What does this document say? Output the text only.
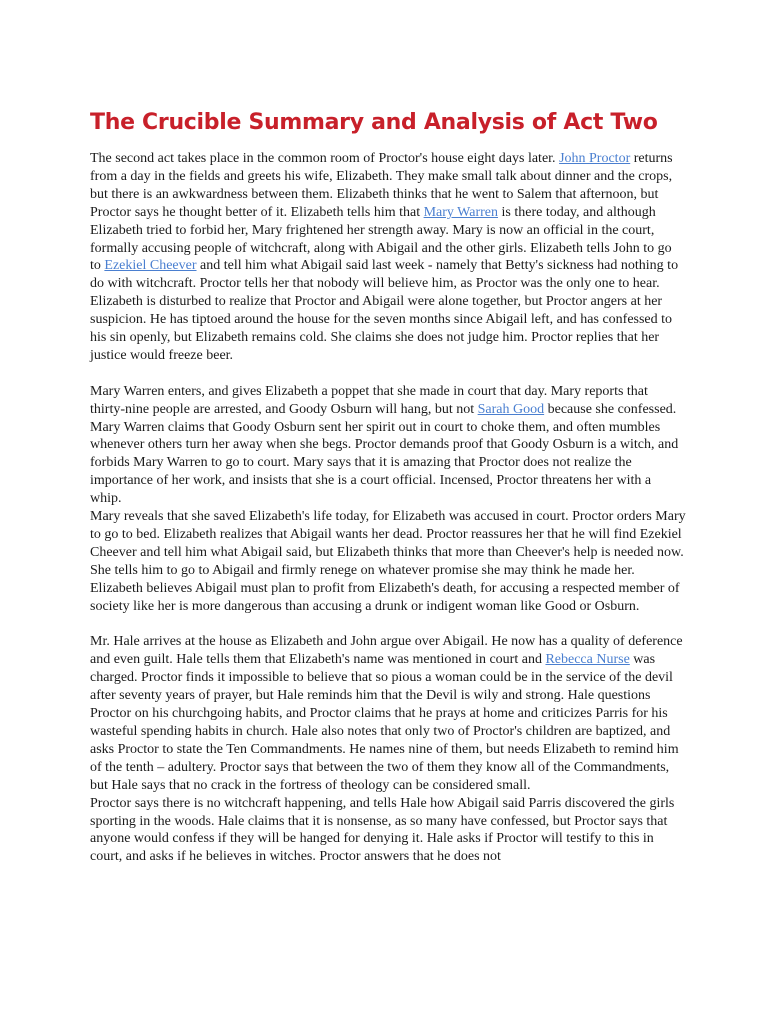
The Crucible Summary and Analysis of Act Two

The second act takes place in the common room of Proctor's house eight days later. John Proctor returns from a day in the fields and greets his wife, Elizabeth. They make small talk about dinner and the crops, but there is an awkwardness between them. Elizabeth thinks that he went to Salem that afternoon, but Proctor says he thought better of it. Elizabeth tells him that Mary Warren is there today, and although Elizabeth tried to forbid her, Mary frightened her strength away. Mary is now an official in the court, formally accusing people of witchcraft, along with Abigail and the other girls. Elizabeth tells John to go to Ezekiel Cheever and tell him what Abigail said last week - namely that Betty's sickness had nothing to do with witchcraft. Proctor tells her that nobody will believe him, as Proctor was the only one to hear.

Elizabeth is disturbed to realize that Proctor and Abigail were alone together, but Proctor angers at her suspicion. He has tiptoed around the house for the seven months since Abigail left, and has confessed to his sin openly, but Elizabeth remains cold. She claims she does not judge him. Proctor replies that her justice would freeze beer.

Mary Warren enters, and gives Elizabeth a poppet that she made in court that day. Mary reports that thirty-nine people are arrested, and Goody Osburn will hang, but not Sarah Good because she confessed. Mary Warren claims that Goody Osburn sent her spirit out in court to choke them, and often mumbles whenever others turn her away when she begs. Proctor demands proof that Goody Osburn is a witch, and forbids Mary Warren to go to court. Mary says that it is amazing that Proctor does not realize the importance of her work, and insists that she is a court official. Incensed, Proctor threatens her with a whip.

Mary reveals that she saved Elizabeth's life today, for Elizabeth was accused in court. Proctor orders Mary to go to bed. Elizabeth realizes that Abigail wants her dead. Proctor reassures her that he will find Ezekiel Cheever and tell him what Abigail said, but Elizabeth thinks that more than Cheever's help is needed now. She tells him to go to Abigail and firmly renege on whatever promise she may think he made her. Elizabeth believes Abigail must plan to profit from Elizabeth's death, for accusing a respected member of society like her is more dangerous than accusing a drunk or indigent woman like Good or Osburn.

Mr. Hale arrives at the house as Elizabeth and John argue over Abigail. He now has a quality of deference and even guilt. Hale tells them that Elizabeth's name was mentioned in court and Rebecca Nurse was charged. Proctor finds it impossible to believe that so pious a woman could be in the service of the devil after seventy years of prayer, but Hale reminds him that the Devil is wily and strong. Hale questions Proctor on his churchgoing habits, and Proctor claims that he prays at home and criticizes Parris for his wasteful spending habits in church. Hale also notes that only two of Proctor's children are baptized, and asks Proctor to state the Ten Commandments. He names nine of them, but needs Elizabeth to remind him of the tenth – adultery. Proctor says that between the two of them they know all of the Commandments, but Hale says that no crack in the fortress of theology can be considered small.

Proctor says there is no witchcraft happening, and tells Hale how Abigail said Parris discovered the girls sporting in the woods. Hale claims that it is nonsense, as so many have confessed, but Proctor says that anyone would confess if they will be hanged for denying it. Hale asks if Proctor will testify to this in court, and asks if he believes in witches. Proctor answers that he does not
